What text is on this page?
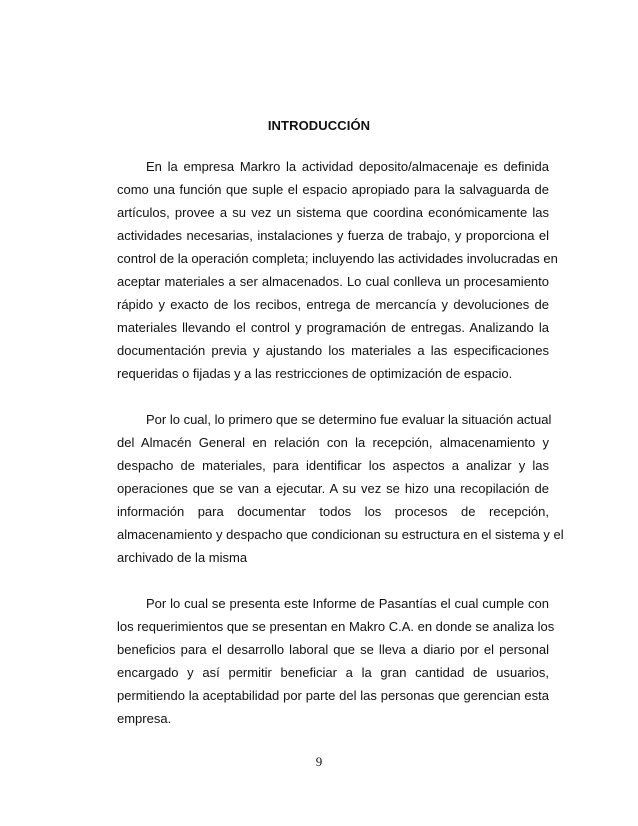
INTRODUCCIÓN
En la empresa Markro la actividad deposito/almacenaje es definida
como una función que suple el espacio apropiado para la salvaguarda de
artículos, provee a su vez un sistema que coordina económicamente las
actividades necesarias, instalaciones y fuerza de trabajo, y proporciona el
control de la operación completa; incluyendo las actividades involucradas en
aceptar materiales a ser almacenados. Lo cual conlleva un procesamiento
rápido y exacto de los recibos, entrega de mercancía y devoluciones de
materiales llevando el control y programación de entregas. Analizando la
documentación previa y ajustando los materiales a las especificaciones
requeridas o fijadas y a las restricciones de optimización de espacio.
Por lo cual, lo primero que se determino fue evaluar la situación actual
del Almacén General en relación con la recepción, almacenamiento y
despacho de materiales, para identificar los aspectos a analizar y las
operaciones que se van a ejecutar. A su vez se hizo una recopilación de
información para documentar todos los procesos de recepción,
almacenamiento y despacho que condicionan su estructura en el sistema y el
archivado de la misma
Por lo cual se presenta este Informe de Pasantías el cual cumple con
los requerimientos que se presentan en Makro C.A. en donde se analiza los
beneficios para el desarrollo laboral que se lleva a diario por el personal
encargado y así permitir beneficiar a la gran cantidad de usuarios,
permitiendo la aceptabilidad por parte del las personas que gerencian esta
empresa.
9
